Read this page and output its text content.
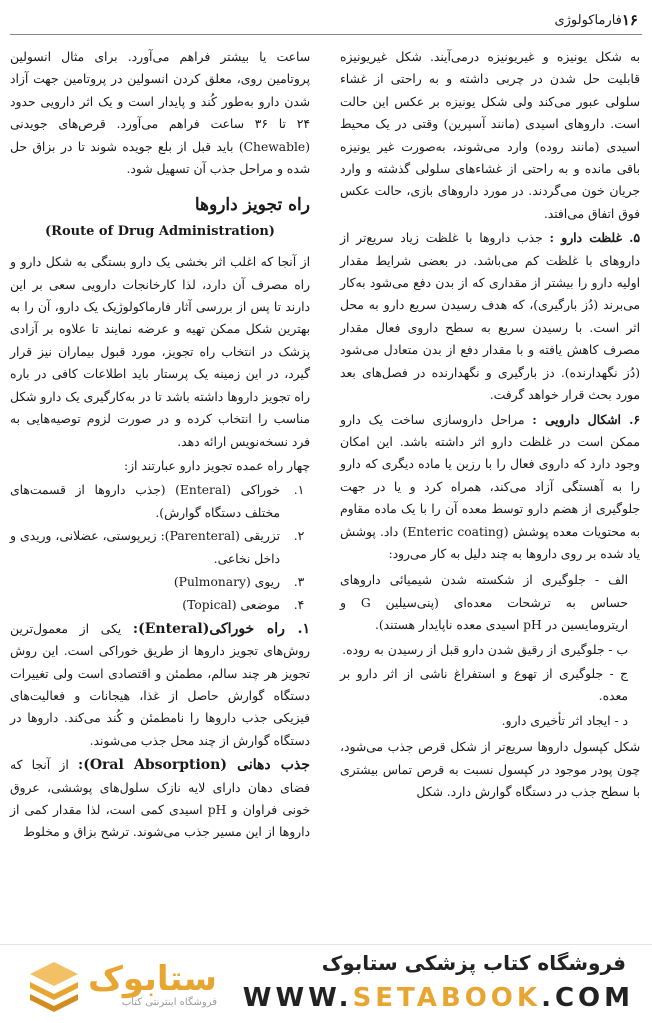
فارماکولوژی ۱۶

به شکل یونیزه و غیریونیزه درمی‌آیند. شکل غیریونیزه قابلیت حل شدن در چربی داشته و به راحتی از غشاء سلولی عبور می‌کند ولی شکل یونیزه بر عکس این حالت است. داروهای اسیدی (مانند آسپرین) وقتی در یک محیط اسیدی (مانند روده) وارد می‌شوند، به‌صورت غیر یونیزه باقی مانده و به راحتی از غشاءهای سلولی گذشته و وارد جریان خون می‌گردند. در مورد داروهای بازی، حالت عکس فوق اتفاق می‌افتد.

۵. غلظت دارو : جذب داروها با غلظت زیاد سریع‌تر از داروهای با غلظت کم می‌باشد. در بعضی شرایط مقدار اولیه دارو را بیشتر از مقداری که از بدن دفع می‌شود به‌کار می‌برند (دُز بارگیری)، که هدف رسیدن سریع دارو به محل اثر است. با رسیدن سریع به سطح داروی فعال مقدار مصرف کاهش یافته و با مقدار دفع از بدن متعادل می‌شود (دُز نگهدارنده). دز بارگیری و نگهدارنده در فصل‌های بعد مورد بحث قرار خواهد گرفت.

۶. اشکال دارویی : مراحل داروسازی ساخت یک دارو ممکن است در غلظت دارو اثر داشته باشد. این امکان وجود دارد که داروی فعال را با رزین یا ماده دیگری که دارو را به آهستگی آزاد می‌کند، همراه کرد و یا در جهت جلوگیری از هضم دارو توسط معده آن را با یک ماده مقاوم به محتویات معده پوشش (Enteric coating) داد. پوشش یاد شده بر روی داروها به چند دلیل به کار می‌رود:

الف - جلوگیری از شکسته شدن شیمیائی داروهای حساس به ترشحات معده‌ای (پنی‌سیلین G و اریترومایسین در pH اسیدی معده ناپایدار هستند).
ب - جلوگیری از رقیق شدن دارو قبل از رسیدن به روده.
ج - جلوگیری از تهوع و استفراغ ناشی از اثر دارو بر معده.
د - ایجاد اثر تأخیری دارو.

شکل کپسول داروها سریع‌تر از شکل قرص جذب می‌شود، چون پودر موجود در کپسول نسبت به قرص تماس بیشتری با سطح جذب در دستگاه گوارش دارد. شکل

ساعت یا بیشتر فراهم می‌آورد. برای مثال انسولین پروتامین روی، معلق کردن انسولین در پروتامین جهت آزاد شدن دارو به‌طور کُند و پایدار است و یک اثر دارویی حدود ۲۴ تا ۳۶ ساعت فراهم می‌آورد. قرص‌های جویدنی (Chewable) باید قبل از بلع جویده شوند تا در بزاق حل شده و مراحل جذب آن تسهیل شود.

راه تجویز داروها
(Route of Drug Administration)

از آنجا که اغلب اثر بخشی یک دارو بستگی به شکل دارو و راه مصرف آن دارد، لذا کارخانجات دارویی سعی بر این دارند تا پس از بررسی آثار فارماکولوژیک یک دارو، آن را به بهترین شکل ممکن تهیه و عرضه نمایند تا علاوه بر آزادی پزشک در انتخاب راه تجویز، مورد قبول بیماران نیز قرار گیرد، در این زمینه یک پرستار باید اطلاعات کافی در باره راه تجویز داروها داشته باشد تا در به‌کارگیری یک دارو شکل مناسب را انتخاب کرده و در صورت لزوم توصیه‌هایی به فرد نسخه‌نویس ارائه دهد.

چهار راه عمده تجویز دارو عبارتند از:

۱.
خوراکی (Enteral) (جذب داروها از قسمت‌های مختلف دستگاه گوارش).
۲.
تزریقی (Parenteral): زیرپوستی، عضلانی، وریدی و داخل نخاعی.
۳.
ریوی (Pulmonary)
۴.
موضعی (Topical)

۱. راه خوراکی(Enteral): یکی از معمول‌ترین روش‌های تجویز داروها از طریق خوراکی است. این روش تجویز هر چند سالم، مطمئن و اقتصادی است ولی تغییرات دستگاه گوارش حاصل از غذا، هیجانات و فعالیت‌های فیزیکی جذب داروها را نامطمئن و کُند می‌کند. داروها در دستگاه گوارش از چند محل جذب می‌شوند.

جذب دهانی (Oral Absorption): از آنجا که فضای دهان دارای لایه نازک سلول‌های پوششی، عروق خونی فراوان و pH اسیدی کمی است، لذا مقدار کمی از داروها از این مسیر جذب می‌شوند. ترشح بزاق و مخلوط

ستابوک
فروشگاه اینترنتی کتاب
فروشگاه کتاب پزشکی ستابوک
WWW.SETABOOK.COM
